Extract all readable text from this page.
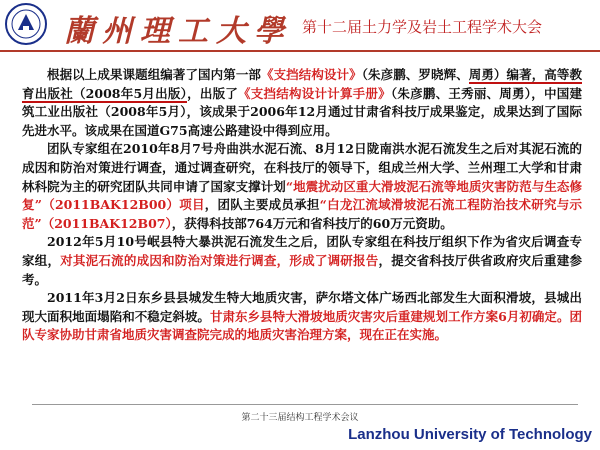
蘭州理工大學 第十二届土力学及岩土工程学术大会

根据以上成果课题组编著了国内第一部《支挡结构设计》（朱彦鹏、罗晓辉、周勇）编著，高等教育出版社（2008年5月出版），出版了《支挡结构设计计算手册》（朱彦鹏、王秀丽、周勇），中国建筑工业出版社（2008年5月），该成果于2006年12月通过甘肃省科技厅成果鉴定，成果达到了国际先进水平。该成果在国道G75高速公路建设中得到应用。

团队专家组在2010年8月7号舟曲洪水泥石流、8月12日陇南洪水泥石流发生之后对其泥石流的成因和防治对策进行调查，通过调查研究，在科技厅的领导下，组成兰州大学、兰州理工大学和甘肃林科院为主的研究团队共同申请了国家支撑计划“地震扰动区重大滑坡泥石流等地质灾害防范与生态修复”（2011BAK12B00）项目，团队主要成员承担“白龙江流域滑坡泥石流工程防治技术研究与示范”（2011BAK12B07），获得科技部764万元和省科技厅的60万元资助。

2012年5月10号岷县特大暴洪泥石流发生之后，团队专家组在科技厅组织下作为省灾后调查专家组，对其泥石流的成因和防治对策进行调查，形成了调研报告，提交省科技厅供省政府灾后重建参考。

2011年3月2日东乡县县城发生特大地质灾害，萨尔塔文体广场西北部发生大面积滑坡，县城出现大面积地面塌陷和不稳定斜坡。甘肃东乡县特大滑坡地质灾害灾后重建规划工作方案6月初确定。团队专家协助甘肃省地质灾害调查院完成的地质灾害治理方案，现在正在实施。

第二十三届结构工程学术会议
Lanzhou University of Technology
